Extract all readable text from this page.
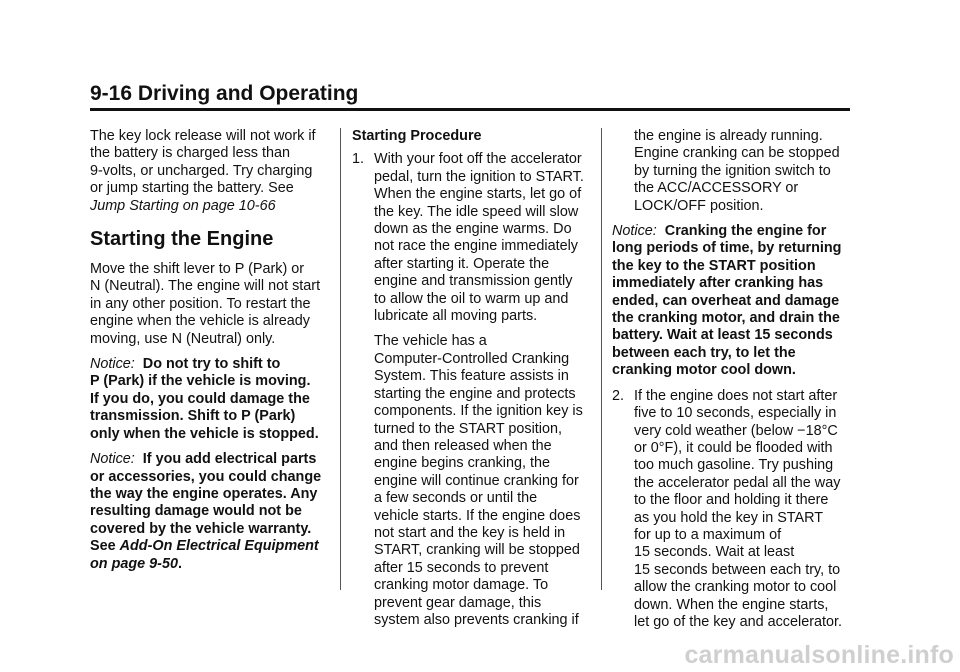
9-16 Driving and Operating

The key lock release will not work if
the battery is charged less than
9-volts, or uncharged. Try charging
or jump starting the battery. See
Jump Starting on page 10-66

Starting the Engine

Move the shift lever to P (Park) or
N (Neutral). The engine will not start
in any other position. To restart the
engine when the vehicle is already
moving, use N (Neutral) only.

Notice: Do not try to shift to
P (Park) if the vehicle is moving.
If you do, you could damage the
transmission. Shift to P (Park)
only when the vehicle is stopped.

Notice: If you add electrical parts
or accessories, you could change
the way the engine operates. Any
resulting damage would not be
covered by the vehicle warranty.
See Add-On Electrical Equipment
on page 9-50.

Starting Procedure
1. With your foot off the accelerator
pedal, turn the ignition to START.
When the engine starts, let go of
the key. The idle speed will slow
down as the engine warms. Do
not race the engine immediately
after starting it. Operate the
engine and transmission gently
to allow the oil to warm up and
lubricate all moving parts.

The vehicle has a
Computer-Controlled Cranking
System. This feature assists in
starting the engine and protects
components. If the ignition key is
turned to the START position,
and then released when the
engine begins cranking, the
engine will continue cranking for
a few seconds or until the
vehicle starts. If the engine does
not start and the key is held in
START, cranking will be stopped
after 15 seconds to prevent
cranking motor damage. To
prevent gear damage, this
system also prevents cranking if

the engine is already running.
Engine cranking can be stopped
by turning the ignition switch to
the ACC/ACCESSORY or
LOCK/OFF position.

Notice: Cranking the engine for
long periods of time, by returning
the key to the START position
immediately after cranking has
ended, can overheat and damage
the cranking motor, and drain the
battery. Wait at least 15 seconds
between each try, to let the
cranking motor cool down.

2. If the engine does not start after
five to 10 seconds, especially in
very cold weather (below −18°C
or 0°F), it could be flooded with
too much gasoline. Try pushing
the accelerator pedal all the way
to the floor and holding it there
as you hold the key in START
for up to a maximum of
15 seconds. Wait at least
15 seconds between each try, to
allow the cranking motor to cool
down. When the engine starts,
let go of the key and accelerator.
carmanualsonline.info
